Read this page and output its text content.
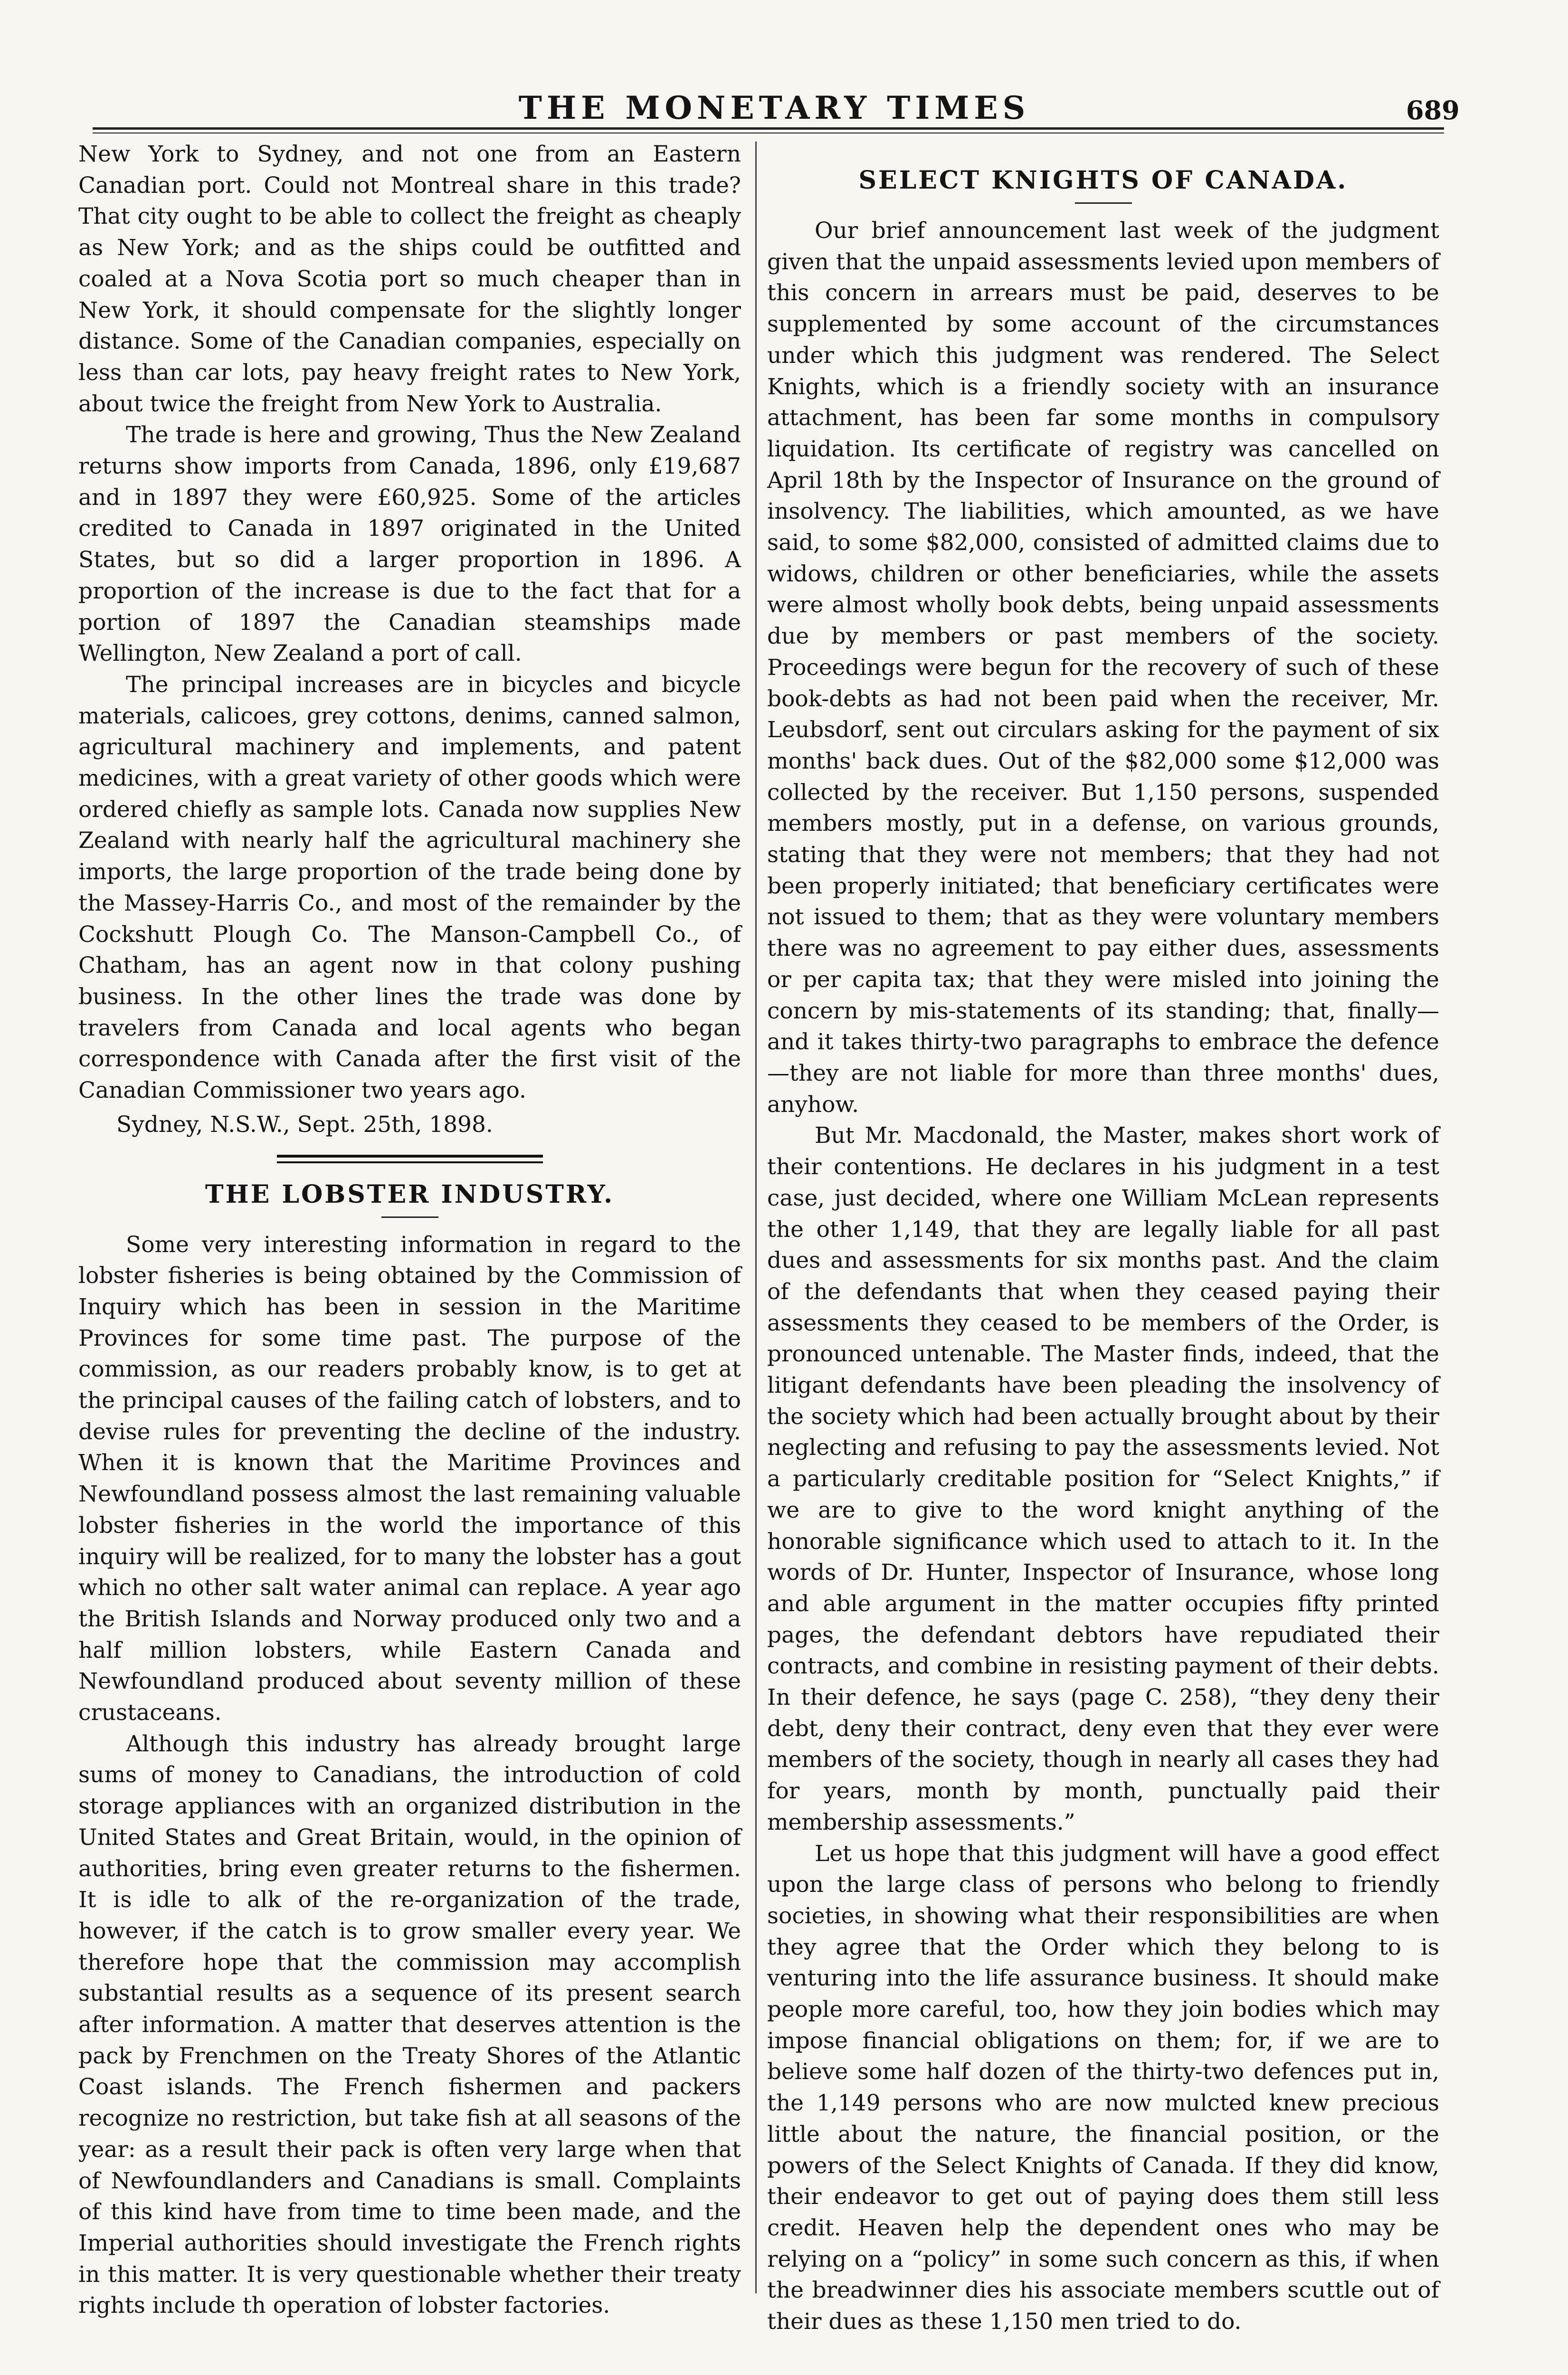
THE MONETARY TIMES	689

New York to Sydney, and not one from an Eastern Canadian port. Could not Montreal share in this trade? That city ought to be able to collect the freight as cheaply as New York; and as the ships could be outfitted and coaled at a Nova Scotia port so much cheaper than in New York, it should compensate for the slightly longer distance. Some of the Canadian companies, especially on less than car lots, pay heavy freight rates to New York, about twice the freight from New York to Australia.

The trade is here and growing, Thus the New Zealand returns show imports from Canada, 1896, only £19,687 and in 1897 they were £60,925. Some of the articles credited to Canada in 1897 originated in the United States, but so did a larger proportion in 1896. A proportion of the increase is due to the fact that for a portion of 1897 the Canadian steamships made Wellington, New Zealand a port of call.

The principal increases are in bicycles and bicycle materials, calicoes, grey cottons, denims, canned salmon, agricultural machinery and implements, and patent medicines, with a great variety of other goods which were ordered chiefly as sample lots. Canada now supplies New Zealand with nearly half the agricultural machinery she imports, the large proportion of the trade being done by the Massey-Harris Co., and most of the remainder by the Cockshutt Plough Co. The Manson-Campbell Co., of Chatham, has an agent now in that colony pushing business. In the other lines the trade was done by travelers from Canada and local agents who began correspondence with Canada after the first visit of the Canadian Commissioner two years ago.

Sydney, N.S.W., Sept. 25th, 1898.

THE LOBSTER INDUSTRY.

Some very interesting information in regard to the lobster fisheries is being obtained by the Commission of Inquiry which has been in session in the Maritime Provinces for some time past. The purpose of the commission, as our readers probably know, is to get at the principal causes of the failing catch of lobsters, and to devise rules for preventing the decline of the industry. When it is known that the Maritime Provinces and Newfoundland possess almost the last remaining valuable lobster fisheries in the world the importance of this inquiry will be realized, for to many the lobster has a gout which no other salt water animal can replace. A year ago the British Islands and Norway produced only two and a half million lobsters, while Eastern Canada and Newfoundland produced about seventy million of these crustaceans.

Although this industry has already brought large sums of money to Canadians, the introduction of cold storage appliances with an organized distribution in the United States and Great Britain, would, in the opinion of authorities, bring even greater returns to the fishermen. It is idle to alk of the re-organization of the trade, however, if the catch is to grow smaller every year. We therefore hope that the commission may accomplish substantial results as a sequence of its present search after information. A matter that deserves attention is the pack by Frenchmen on the Treaty Shores of the Atlantic Coast islands. The French fishermen and packers recognize no restriction, but take fish at all seasons of the year: as a result their pack is often very large when that of Newfoundlanders and Canadians is small. Complaints of this kind have from time to time been made, and the Imperial authorities should investigate the French rights in this matter. It is very questionable whether their treaty rights include th operation of lobster factories.

SELECT KNIGHTS OF CANADA.

Our brief announcement last week of the judgment given that the unpaid assessments levied upon members of this concern in arrears must be paid, deserves to be supplemented by some account of the circumstances under which this judgment was rendered. The Select Knights, which is a friendly society with an insurance attachment, has been far some months in compulsory liquidation. Its certificate of registry was cancelled on April 18th by the Inspector of Insurance on the ground of insolvency. The liabilities, which amounted, as we have said, to some $82,000, consisted of admitted claims due to widows, children or other beneficiaries, while the assets were almost wholly book debts, being unpaid assessments due by members or past members of the society. Proceedings were begun for the recovery of such of these book-debts as had not been paid when the receiver, Mr. Leubsdorf, sent out circulars asking for the payment of six months' back dues. Out of the $82,000 some $12,000 was collected by the receiver. But 1,150 persons, suspended members mostly, put in a defense, on various grounds, stating that they were not members; that they had not been properly initiated; that beneficiary certificates were not issued to them; that as they were voluntary members there was no agreement to pay either dues, assessments or per capita tax; that they were misled into joining the concern by mis-statements of its standing; that, finally—and it takes thirty-two paragraphs to embrace the defence—they are not liable for more than three months' dues, anyhow.

But Mr. Macdonald, the Master, makes short work of their contentions. He declares in his judgment in a test case, just decided, where one William McLean represents the other 1,149, that they are legally liable for all past dues and assessments for six months past. And the claim of the defendants that when they ceased paying their assessments they ceased to be members of the Order, is pronounced untenable. The Master finds, indeed, that the litigant defendants have been pleading the insolvency of the society which had been actually brought about by their neglecting and refusing to pay the assessments levied. Not a particularly creditable position for “Select Knights,” if we are to give to the word knight anything of the honorable significance which used to attach to it. In the words of Dr. Hunter, Inspector of Insurance, whose long and able argument in the matter occupies fifty printed pages, the defendant debtors have repudiated their contracts, and combine in resisting payment of their debts. In their defence, he says (page C. 258), “they deny their debt, deny their contract, deny even that they ever were members of the society, though in nearly all cases they had for years, month by month, punctually paid their membership assessments.”

Let us hope that this judgment will have a good effect upon the large class of persons who belong to friendly societies, in showing what their responsibilities are when they agree that the Order which they belong to is venturing into the life assurance business. It should make people more careful, too, how they join bodies which may impose financial obligations on them; for, if we are to believe some half dozen of the thirty-two defences put in, the 1,149 persons who are now mulcted knew precious little about the nature, the financial position, or the powers of the Select Knights of Canada. If they did know, their endeavor to get out of paying does them still less credit. Heaven help the dependent ones who may be relying on a “policy” in some such concern as this, if when the breadwinner dies his associate members scuttle out of their dues as these 1,150 men tried to do.
